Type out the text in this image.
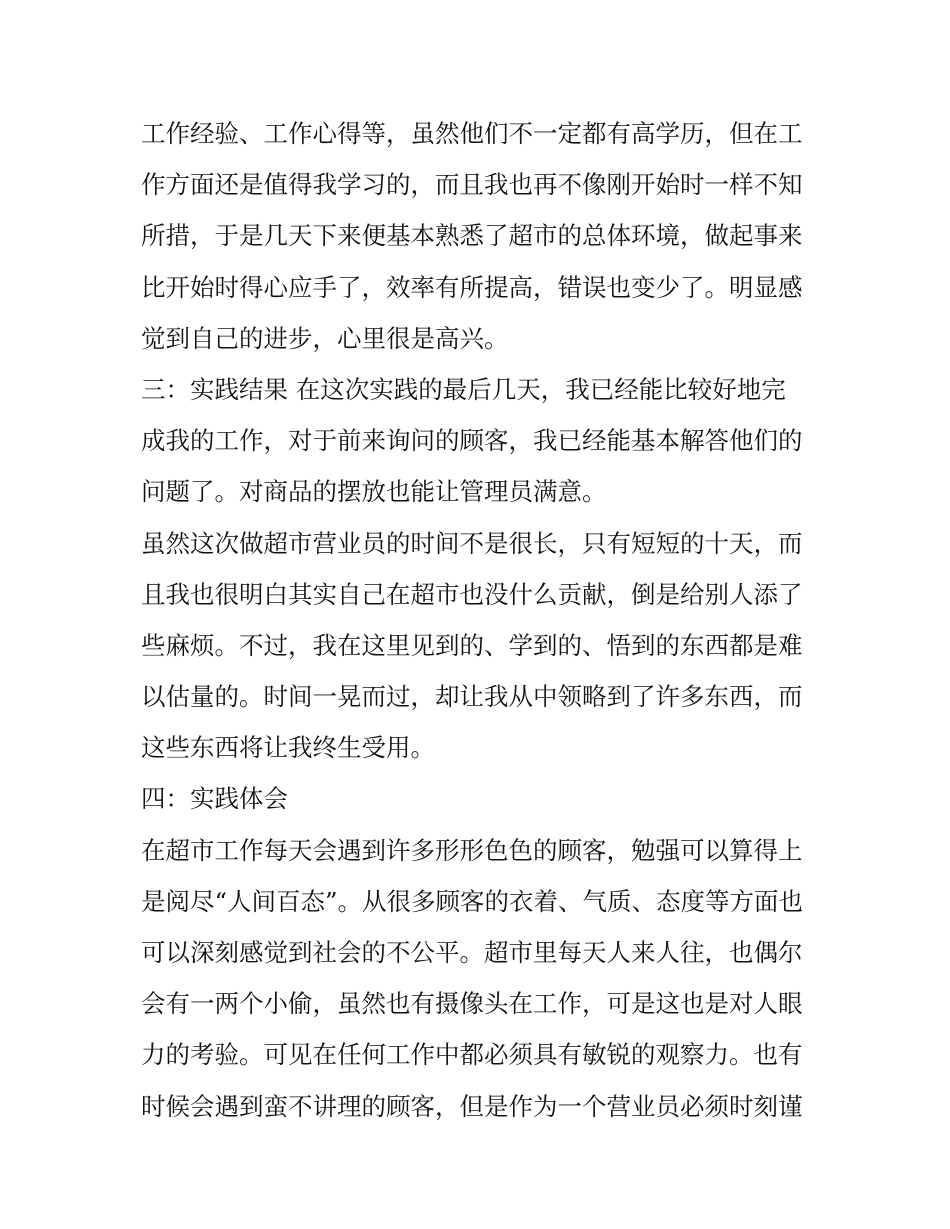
工作经验、工作心得等，虽然他们不一定都有高学历，但在工
作方面还是值得我学习的，而且我也再不像刚开始时一样不知
所措，于是几天下来便基本熟悉了超市的总体环境，做起事来
比开始时得心应手了，效率有所提高，错误也变少了。明显感
觉到自己的进步，心里很是高兴。
三：实践结果 在这次实践的最后几天，我已经能比较好地完
成我的工作，对于前来询问的顾客，我已经能基本解答他们的
问题了。对商品的摆放也能让管理员满意。
虽然这次做超市营业员的时间不是很长，只有短短的十天，而
且我也很明白其实自己在超市也没什么贡献，倒是给别人添了
些麻烦。不过，我在这里见到的、学到的、悟到的东西都是难
以估量的。时间一晃而过，却让我从中领略到了许多东西，而
这些东西将让我终生受用。
四：实践体会
在超市工作每天会遇到许多形形色色的顾客，勉强可以算得上
是阅尽“人间百态”。从很多顾客的衣着、气质、态度等方面也
可以深刻感觉到社会的不公平。超市里每天人来人往，也偶尔
会有一两个小偷，虽然也有摄像头在工作，可是这也是对人眼
力的考验。可见在任何工作中都必须具有敏锐的观察力。也有
时候会遇到蛮不讲理的顾客，但是作为一个营业员必须时刻谨
